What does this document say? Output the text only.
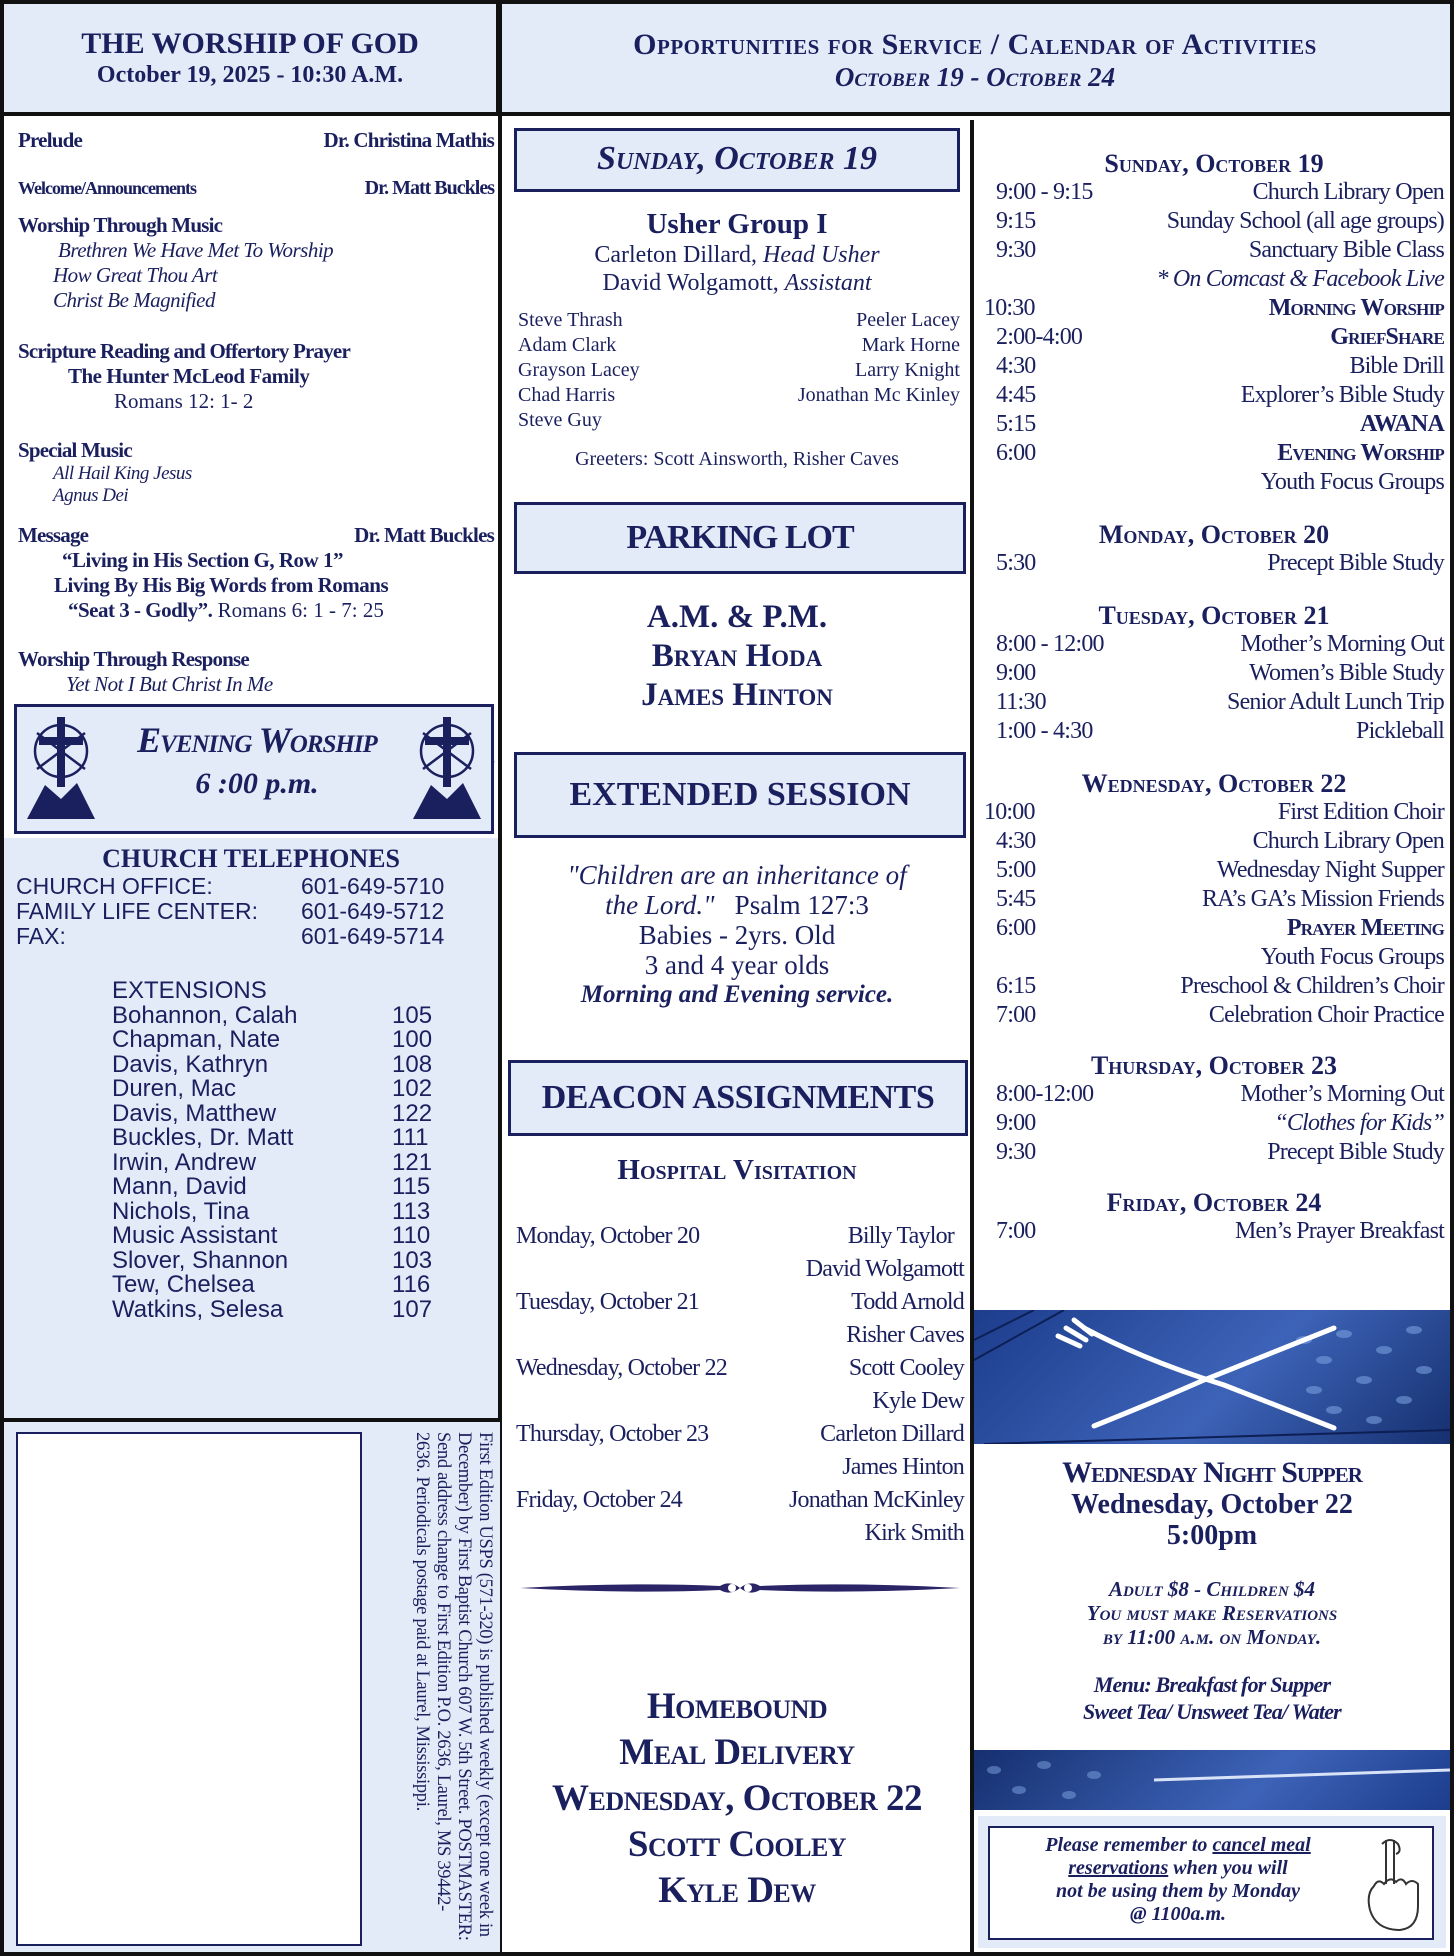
THE WORSHIP OF GOD
October 19, 2025 - 10:30 A.M.
Opportunities for Service / Calendar of Activities
October 19 - October 24
Prelude	Dr. Christina Mathis
Welcome/Announcements	Dr. Matt Buckles
Worship Through Music
Brethren We Have Met To Worship
How Great Thou Art
Christ Be Magnified
Scripture Reading and Offertory Prayer
The Hunter McLeod Family
Romans 12: 1- 2
Special Music
All Hail King Jesus
Agnus Dei
Message	Dr. Matt Buckles
“Living in His Section G, Row 1”
Living By His Big Words from Romans
“Seat 3 - Godly”. Romans 6: 1 - 7: 25
Worship Through Response
Yet Not I But Christ In Me
Evening Worship
6 :00 p.m.
CHURCH TELEPHONES
CHURCH OFFICE:	601-649-5710
FAMILY LIFE CENTER:	601-649-5712
FAX:	601-649-5714
EXTENSIONS
Bohannon, Calah	105
Chapman, Nate	100
Davis, Kathryn	108
Duren, Mac	102
Davis, Matthew	122
Buckles, Dr. Matt	111
Irwin, Andrew	121
Mann, David	115
Nichols, Tina	113
Music Assistant	110
Slover, Shannon	103
Tew, Chelsea	116
Watkins, Selesa	107
First Edition USPS (571-320) is published weekly (except one week in December) by First Baptist Church 607 W. 5th Street. POSTMASTER: Send address change to First Edition P.O. 2636, Laurel, MS 39442-2636. Periodicals postage paid at Laurel, Mississippi.
Sunday, October 19
Usher Group I
Carleton Dillard, Head Usher
David Wolgamott, Assistant
Steve Thrash	Peeler Lacey
Adam Clark	Mark Horne
Grayson Lacey	Larry Knight
Chad Harris	Jonathan Mc Kinley
Steve Guy
Greeters: Scott Ainsworth, Risher Caves
PARKING LOT
A.M. & P.M.
Bryan Hoda
James Hinton
EXTENDED SESSION
"Children are an inheritance of
the Lord." Psalm 127:3
Babies - 2yrs. Old
3 and 4 year olds
Morning and Evening service.
DEACON ASSIGNMENTS
Hospital Visitation
Monday, October 20	Billy Taylor
David Wolgamott
Tuesday, October 21	Todd Arnold
Risher Caves
Wednesday, October 22	Scott Cooley
Kyle Dew
Thursday, October 23	Carleton Dillard
James Hinton
Friday, October 24	Jonathan McKinley
Kirk Smith
Homebound
Meal Delivery
Wednesday, October 22
Scott Cooley
Kyle Dew
Sunday, October 19
9:00 - 9:15	Church Library Open
9:15	Sunday School (all age groups)
9:30	Sanctuary Bible Class
* On Comcast & Facebook Live
10:30	Morning Worship
2:00-4:00	GriefShare
4:30	Bible Drill
4:45	Explorer’s Bible Study
5:15	AWANA
6:00	Evening Worship
Youth Focus Groups
Monday, October 20
5:30	Precept Bible Study
Tuesday, October 21
8:00 - 12:00	Mother’s Morning Out
9:00	Women’s Bible Study
11:30	Senior Adult Lunch Trip
1:00 - 4:30	Pickleball
Wednesday, October 22
10:00	First Edition Choir
4:30	Church Library Open
5:00	Wednesday Night Supper
5:45	RA’s GA’s Mission Friends
6:00	Prayer Meeting
Youth Focus Groups
6:15	Preschool & Children’s Choir
7:00	Celebration Choir Practice
Thursday, October 23
8:00-12:00	Mother’s Morning Out
9:00	“Clothes for Kids”
9:30	Precept Bible Study
Friday, October 24
7:00	Men’s Prayer Breakfast
Wednesday Night Supper
Wednesday, October 22
5:00pm
Adult $8 - Children $4
You must make Reservations
by 11:00 a.m. on Monday.
Menu: Breakfast for Supper
Sweet Tea/ Unsweet Tea/ Water
Please remember to cancel meal
reservations when you will
not be using them by Monday
@ 1100a.m.
